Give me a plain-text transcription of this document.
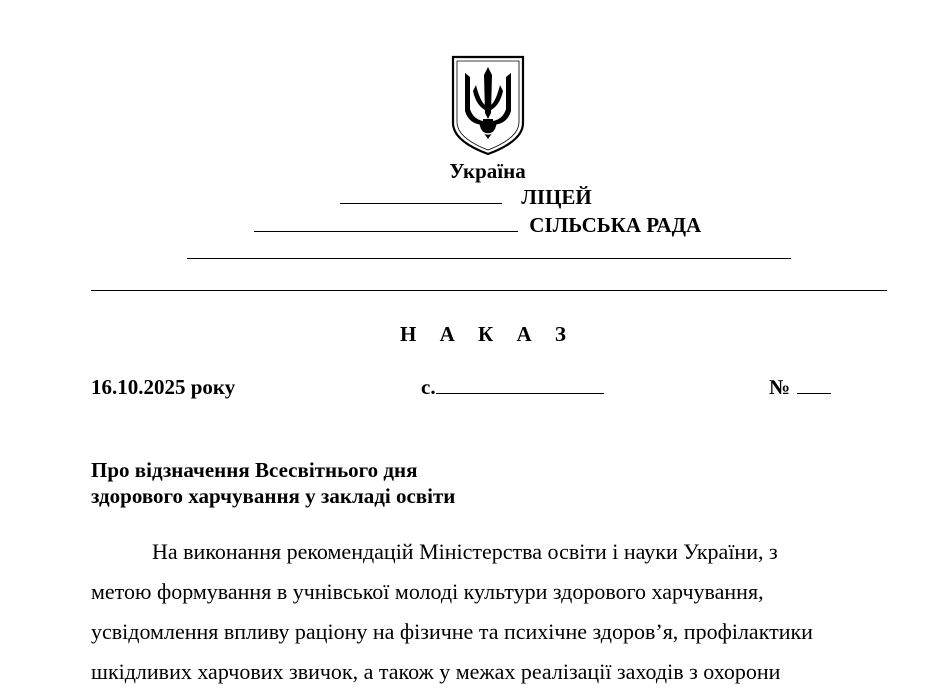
Україна
ЛІЦЕЙ
СІЛЬСЬКА РАДА
Н А К А З
16.10.2025 року	с.	№
Про відзначення Всесвітнього дня
здорового харчування у закладі освіти
На виконання рекомендацій Міністерства освіти і науки України, з
метою формування в учнівської молоді культури здорового харчування,
усвідомлення впливу раціону на фізичне та психічне здоров’я, профілактики
шкідливих харчових звичок, а також у межах реалізації заходів з охорони
